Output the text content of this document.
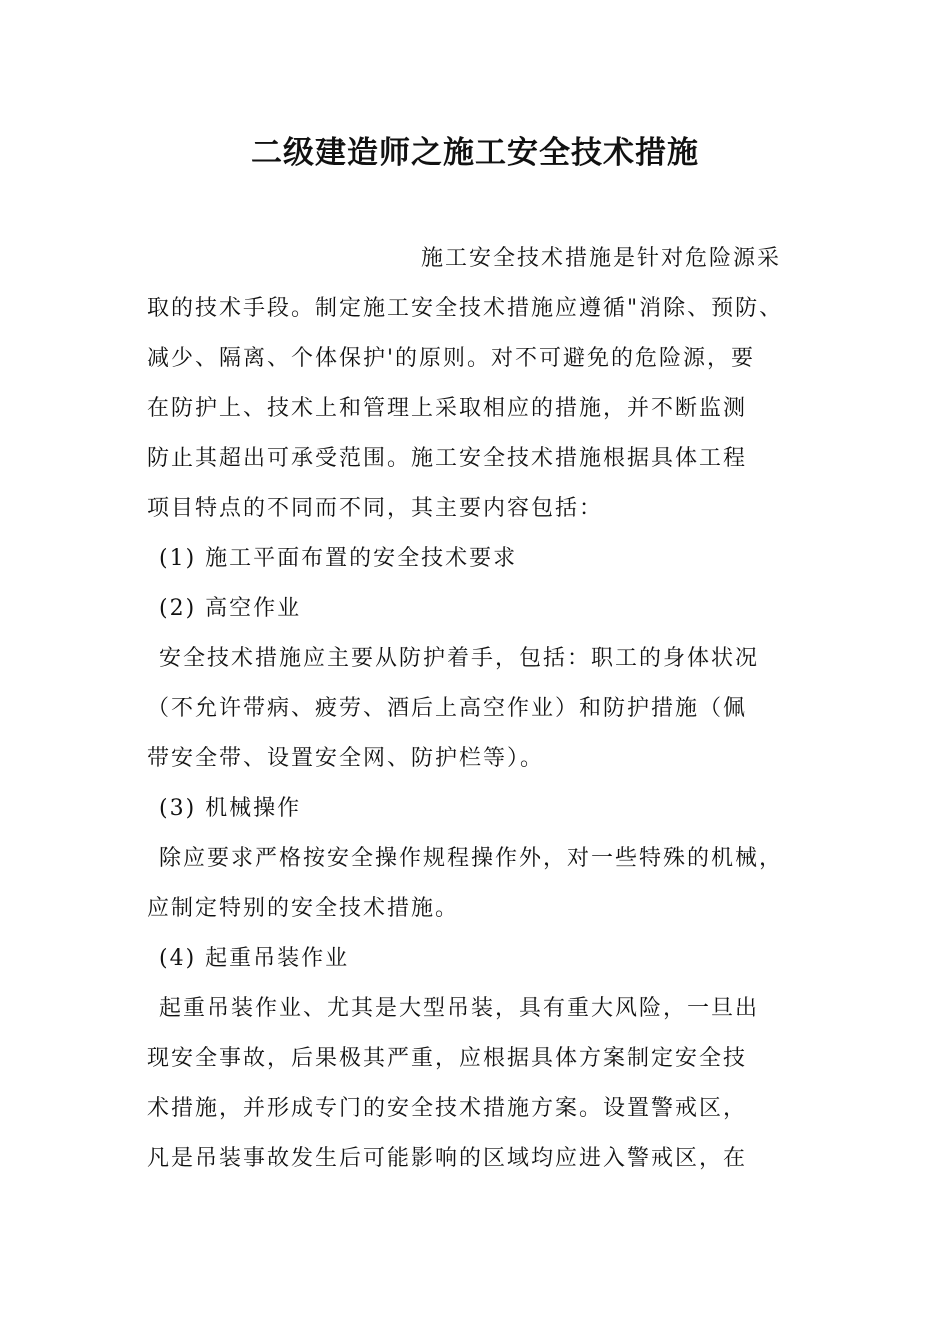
二级建造师之施工安全技术措施
施工安全技术措施是针对危险源采
取的技术手段。制定施工安全技术措施应遵循"消除、预防、
减少、隔离、个体保护'的原则。对不可避免的危险源，要
在防护上、技术上和管理上采取相应的措施，并不断监测
防止其超出可承受范围。施工安全技术措施根据具体工程
项目特点的不同而不同，其主要内容包括：
(1) 施工平面布置的安全技术要求
(2) 高空作业
安全技术措施应主要从防护着手，包括：职工的身体状况
（不允许带病、疲劳、酒后上高空作业）和防护措施（佩
带安全带、设置安全网、防护栏等）。
(3) 机械操作
除应要求严格按安全操作规程操作外，对一些特殊的机械，
应制定特别的安全技术措施。
(4) 起重吊装作业
起重吊装作业、尤其是大型吊装，具有重大风险，一旦出
现安全事故，后果极其严重，应根据具体方案制定安全技
术措施，并形成专门的安全技术措施方案。设置警戒区，
凡是吊装事故发生后可能影响的区域均应进入警戒区，在
